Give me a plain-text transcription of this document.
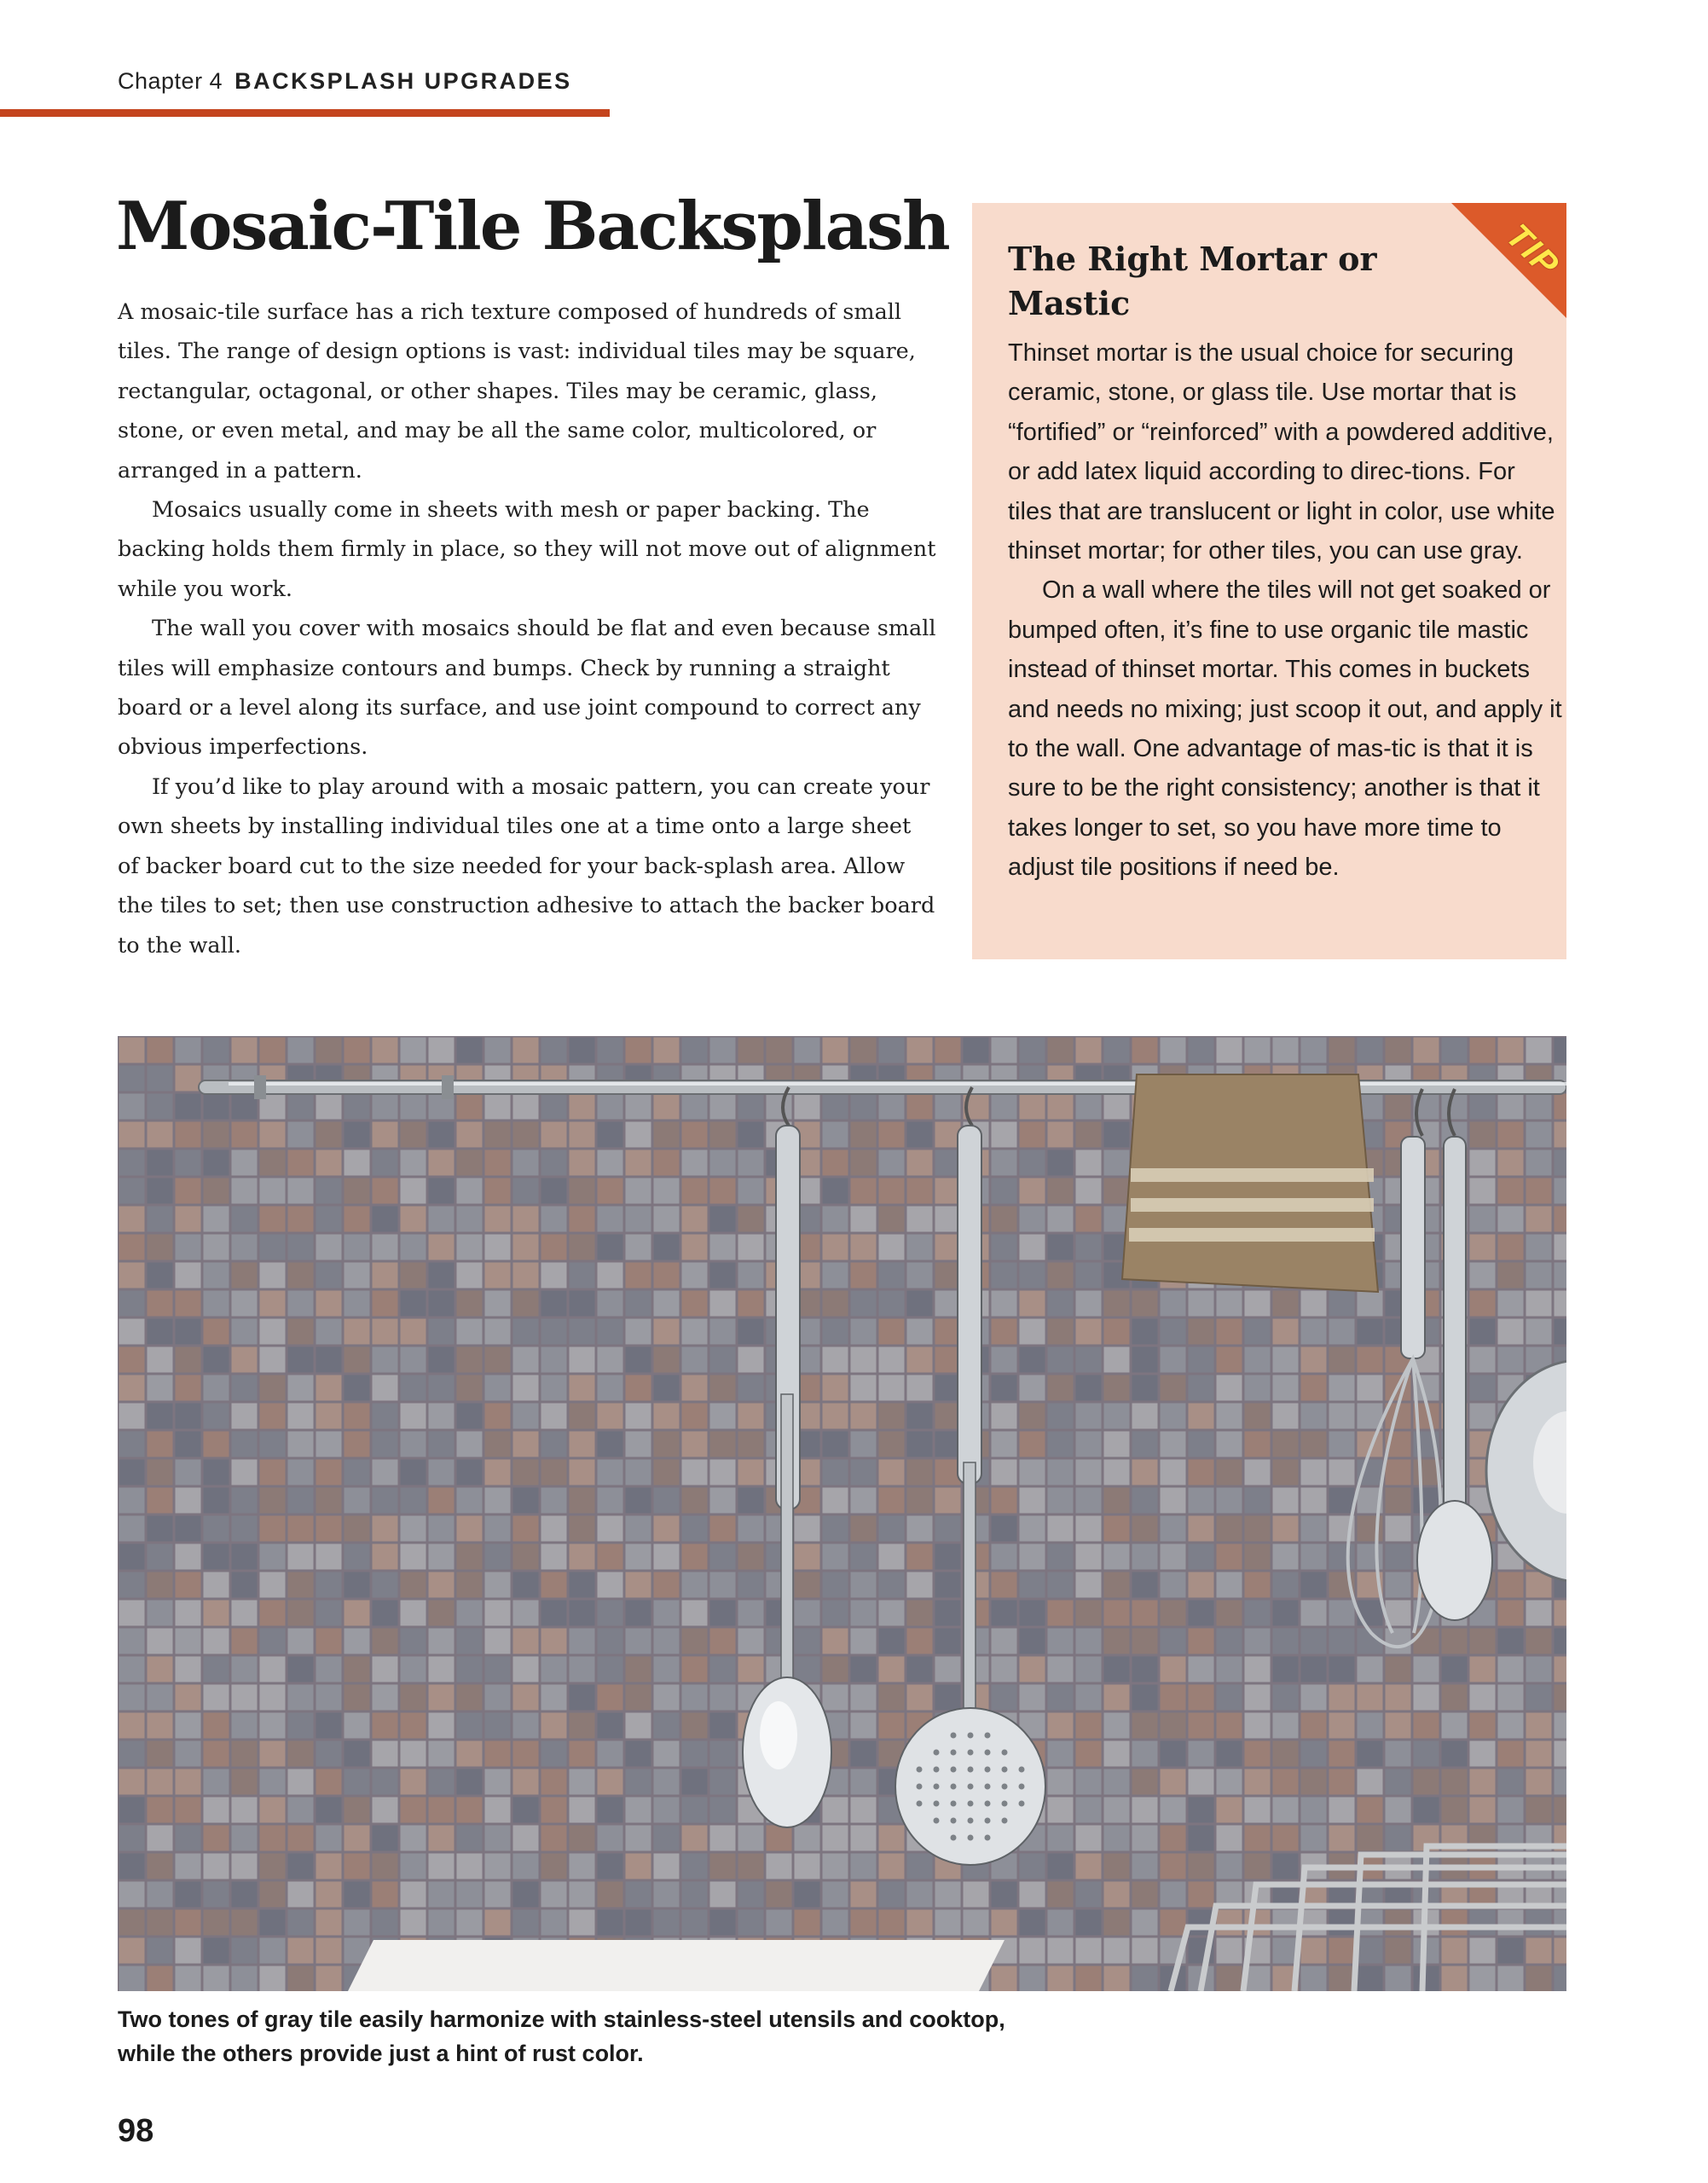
Chapter 4 BACKSPLASH UPGRADES
Mosaic-Tile Backsplash

A mosaic-tile surface has a rich texture composed of hundreds of small tiles. The range of design options is vast: individual tiles may be square, rectangular, octagonal, or other shapes. Tiles may be ceramic, glass, stone, or even metal, and may be all the same color, multicolored, or arranged in a pattern.

Mosaics usually come in sheets with mesh or paper backing. The backing holds them firmly in place, so they will not move out of alignment while you work.

The wall you cover with mosaics should be flat and even because small tiles will emphasize contours and bumps. Check by running a straight board or a level along its surface, and use joint compound to correct any obvious imperfections.

If you’d like to play around with a mosaic pattern, you can create your own sheets by installing individual tiles one at a time onto a large sheet of backer board cut to the size needed for your back-splash area. Allow the tiles to set; then use construction adhesive to attach the backer board to the wall.

TIP
The Right Mortar or Mastic

Thinset mortar is the usual choice for securing ceramic, stone, or glass tile. Use mortar that is “fortified” or “reinforced” with a powdered additive, or add latex liquid according to direc-tions. For tiles that are translucent or light in color, use white thinset mortar; for other tiles, you can use gray.

On a wall where the tiles will not get soaked or bumped often, it’s fine to use organic tile mastic instead of thinset mortar. This comes in buckets and needs no mixing; just scoop it out, and apply it to the wall. One advantage of mas-tic is that it is sure to be the right consistency; another is that it takes longer to set, so you have more time to adjust tile positions if need be.

Two tones of gray tile easily harmonize with stainless-steel utensils and cooktop, while the others provide just a hint of rust color.
98
